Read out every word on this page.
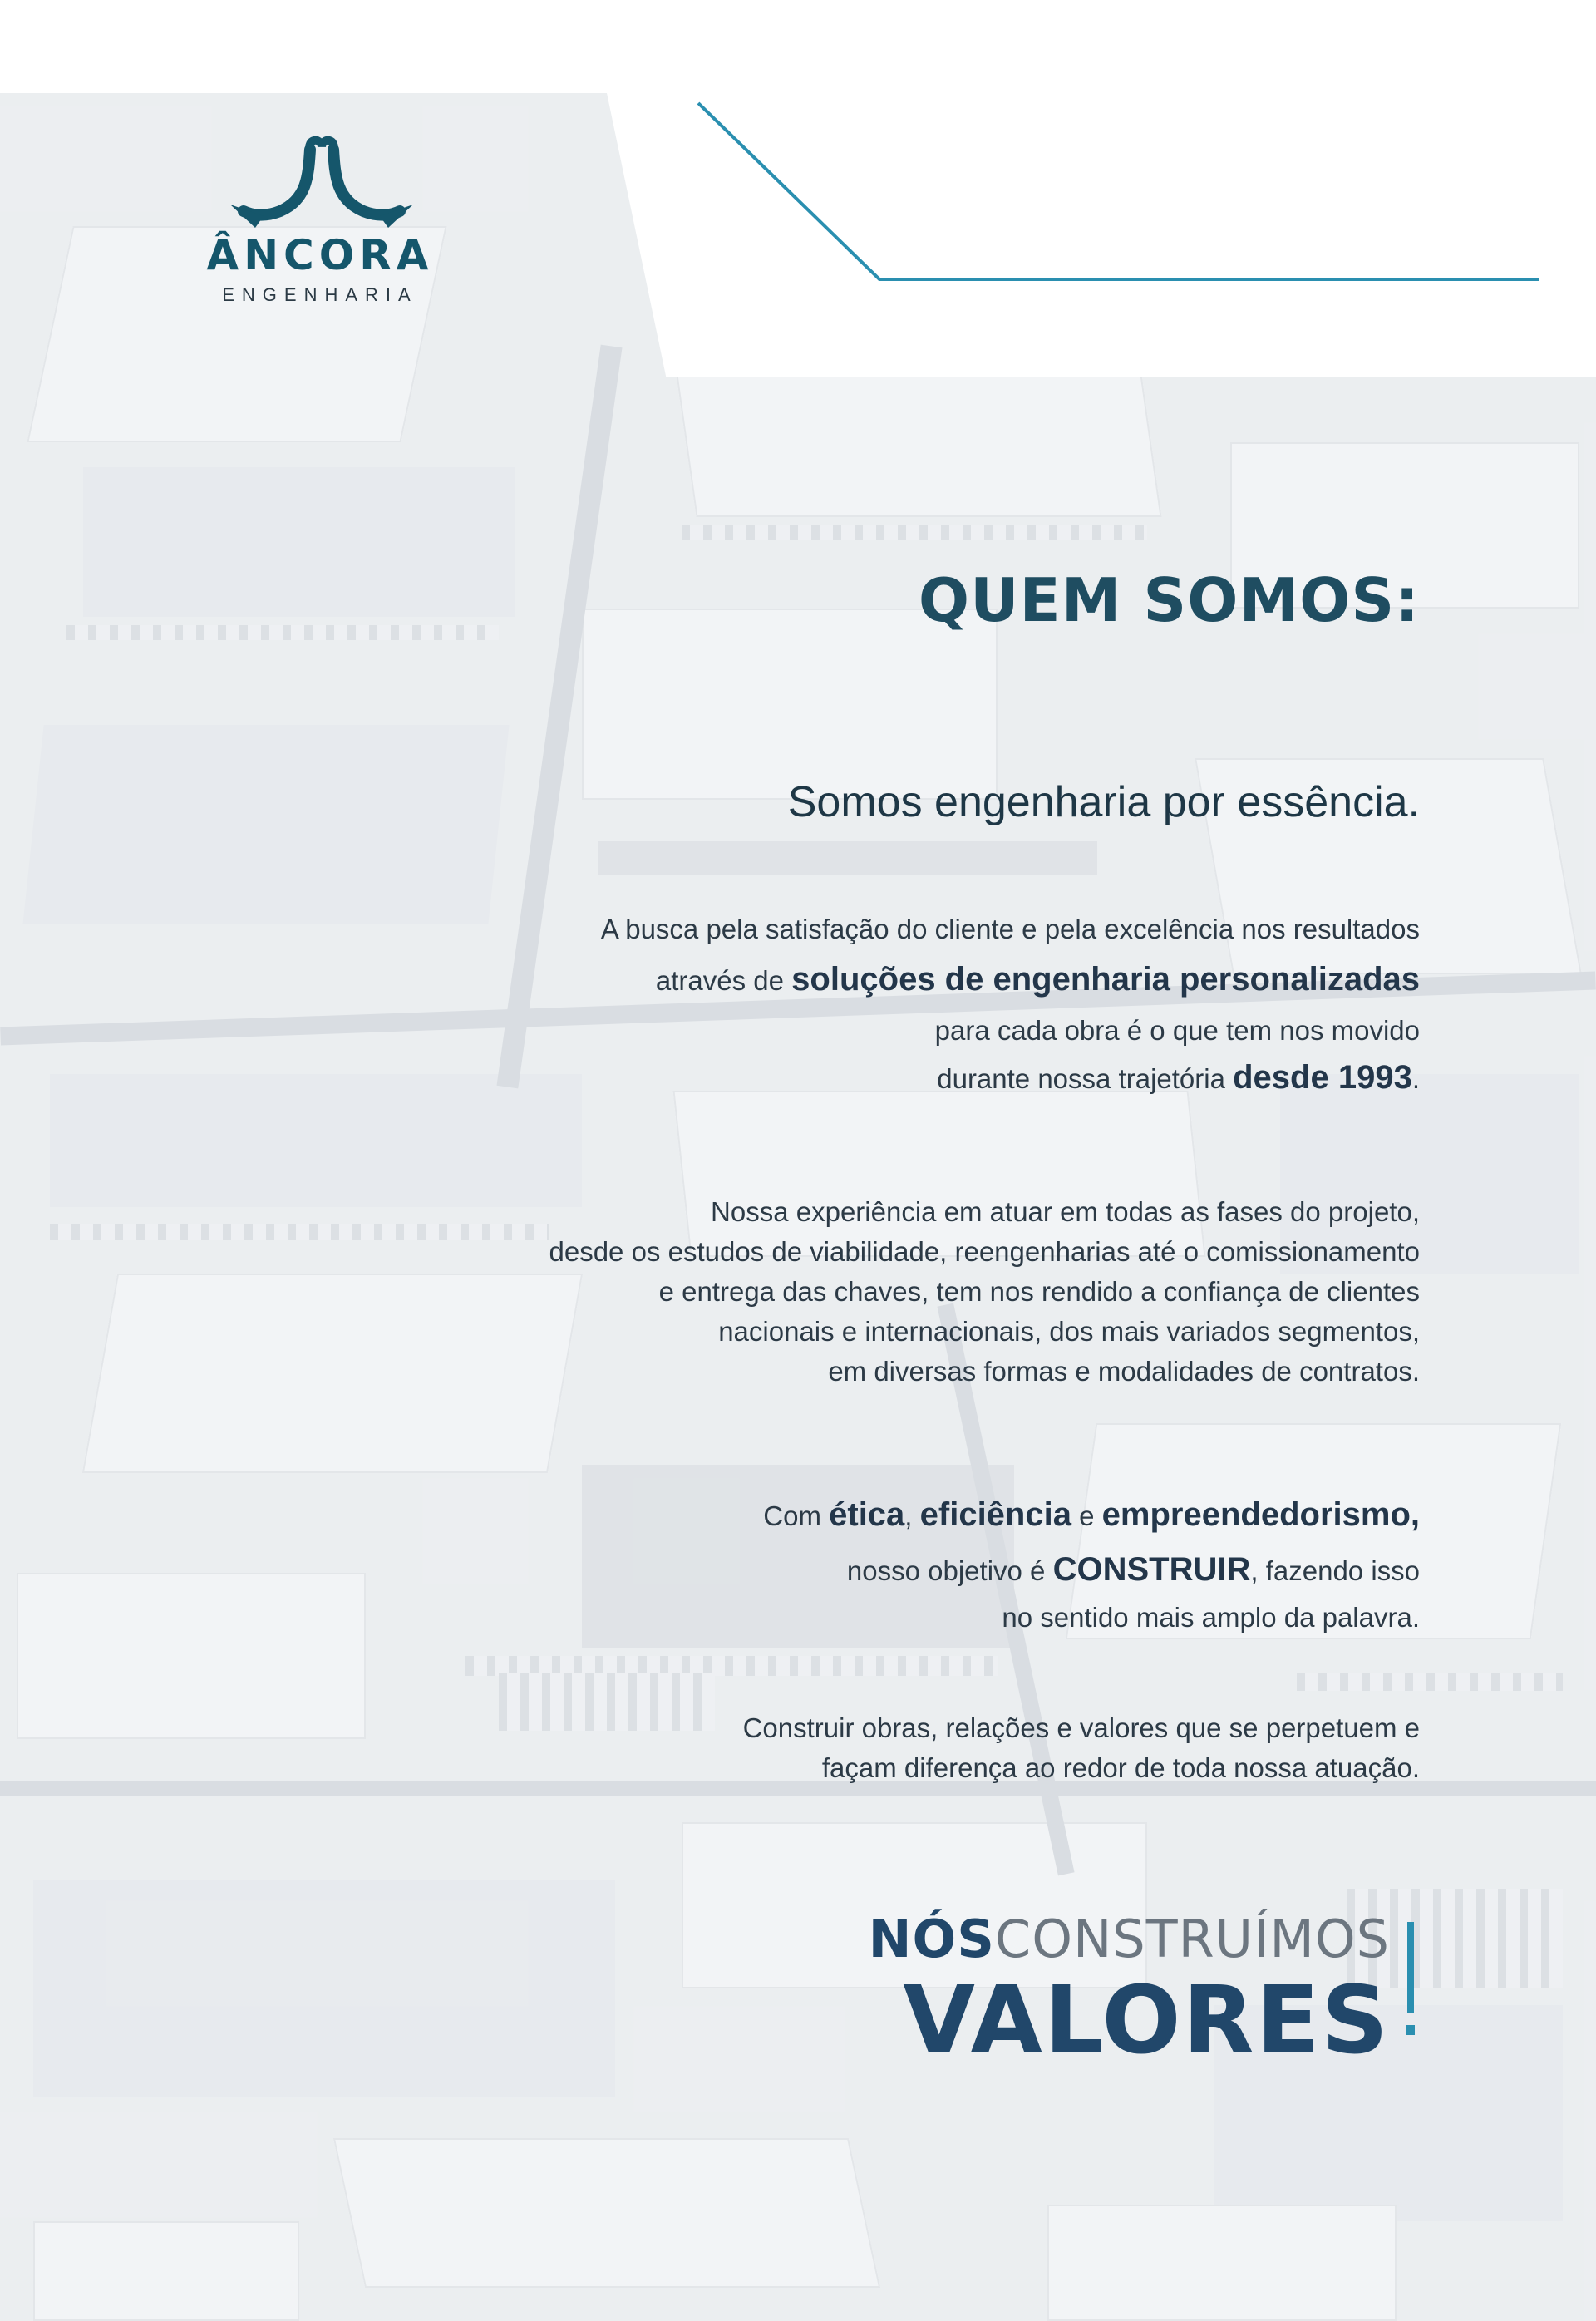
ÂNCORA
ENGENHARIA
QUEM SOMOS:
Somos engenharia por essência.
A busca pela satisfação do cliente e pela excelência nos resultados
através de soluções de engenharia personalizadas
para cada obra é o que tem nos movido
durante nossa trajetória desde 1993.
Nossa experiência em atuar em todas as fases do projeto,
desde os estudos de viabilidade, reengenharias até o comissionamento
e entrega das chaves, tem nos rendido a confiança de clientes
nacionais e internacionais, dos mais variados segmentos,
em diversas formas e modalidades de contratos.
Com ética, eficiência e empreendedorismo,
nosso objetivo é CONSTRUIR, fazendo isso
no sentido mais amplo da palavra.
Construir obras, relações e valores que se perpetuem e
façam diferença ao redor de toda nossa atuação.
NÓSCONSTRUÍMOS
VALORES
